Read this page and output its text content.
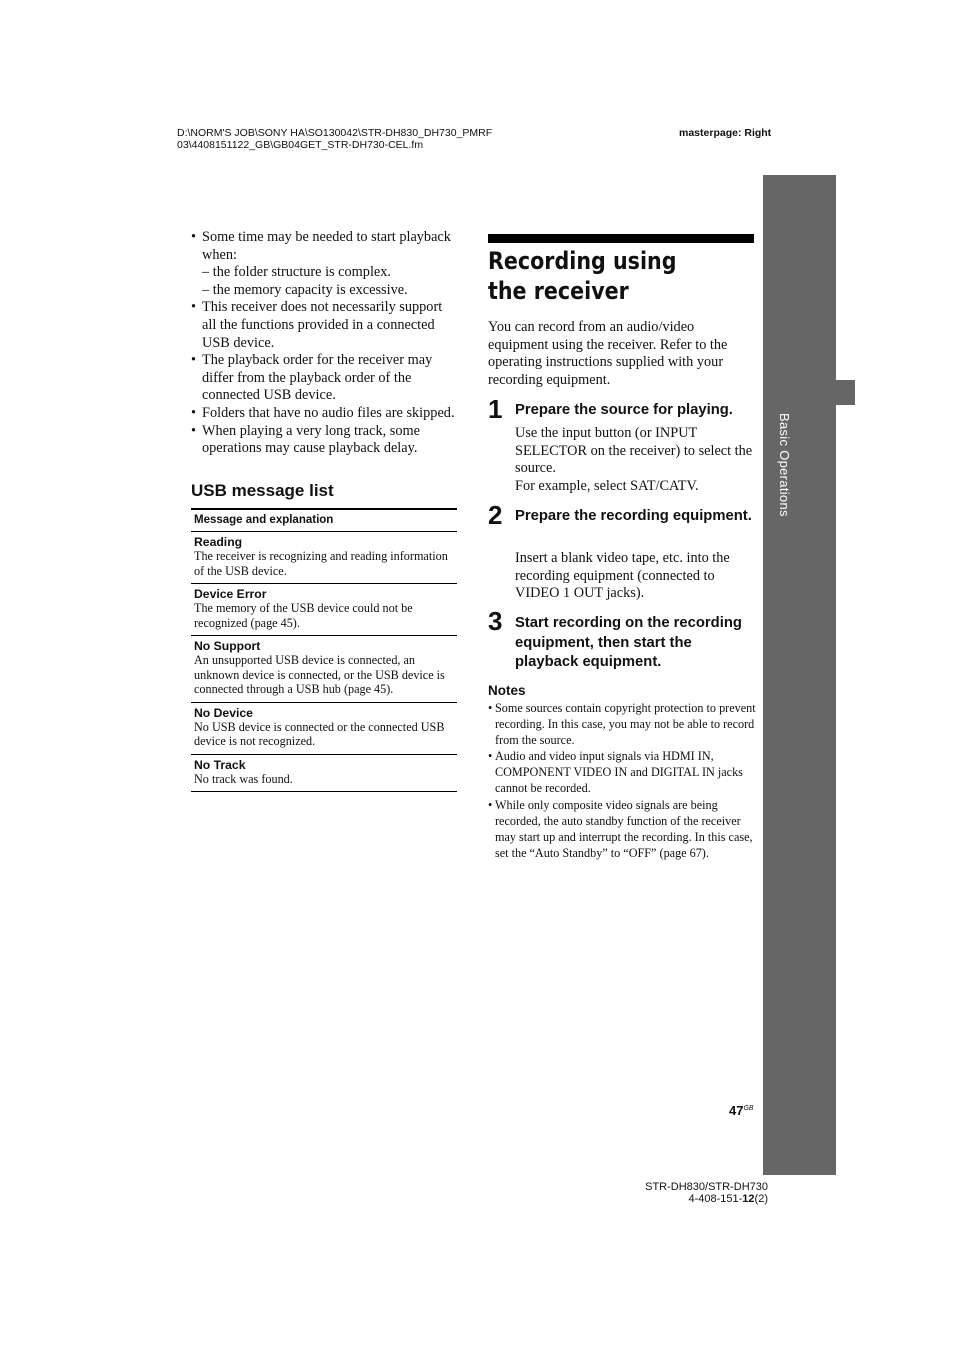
D:\NORM'S JOB\SONY HA\SO130042\STR-DH830_DH730_PMRF
03\4408151122_GB\GB04GET_STR-DH730-CEL.fm
masterpage: Right
Basic Operations
• Some time may be needed to start playback when:
– the folder structure is complex.
– the memory capacity is excessive.
• This receiver does not necessarily support all the functions provided in a connected USB device.
• The playback order for the receiver may differ from the playback order of the connected USB device.
• Folders that have no audio files are skipped.
• When playing a very long track, some operations may cause playback delay.
USB message list
Message and explanation
Reading
The receiver is recognizing and reading information of the USB device.
Device Error
The memory of the USB device could not be recognized (page 45).
No Support
An unsupported USB device is connected, an unknown device is connected, or the USB device is connected through a USB hub (page 45).
No Device
No USB device is connected or the connected USB device is not recognized.
No Track
No track was found.
Recording using the receiver
You can record from an audio/video equipment using the receiver. Refer to the operating instructions supplied with your recording equipment.
1 Prepare the source for playing.
Use the input button (or INPUT SELECTOR on the receiver) to select the source.
For example, select SAT/CATV.
2 Prepare the recording equipment.
Insert a blank video tape, etc. into the recording equipment (connected to VIDEO 1 OUT jacks).
3 Start recording on the recording equipment, then start the playback equipment.
Notes
• Some sources contain copyright protection to prevent recording. In this case, you may not be able to record from the source.
• Audio and video input signals via HDMI IN, COMPONENT VIDEO IN and DIGITAL IN jacks cannot be recorded.
• While only composite video signals are being recorded, the auto standby function of the receiver may start up and interrupt the recording. In this case, set the “Auto Standby” to “OFF” (page 67).
$47^{GB}$
STR-DH830/STR-DH730
4-408-151-12(2)
